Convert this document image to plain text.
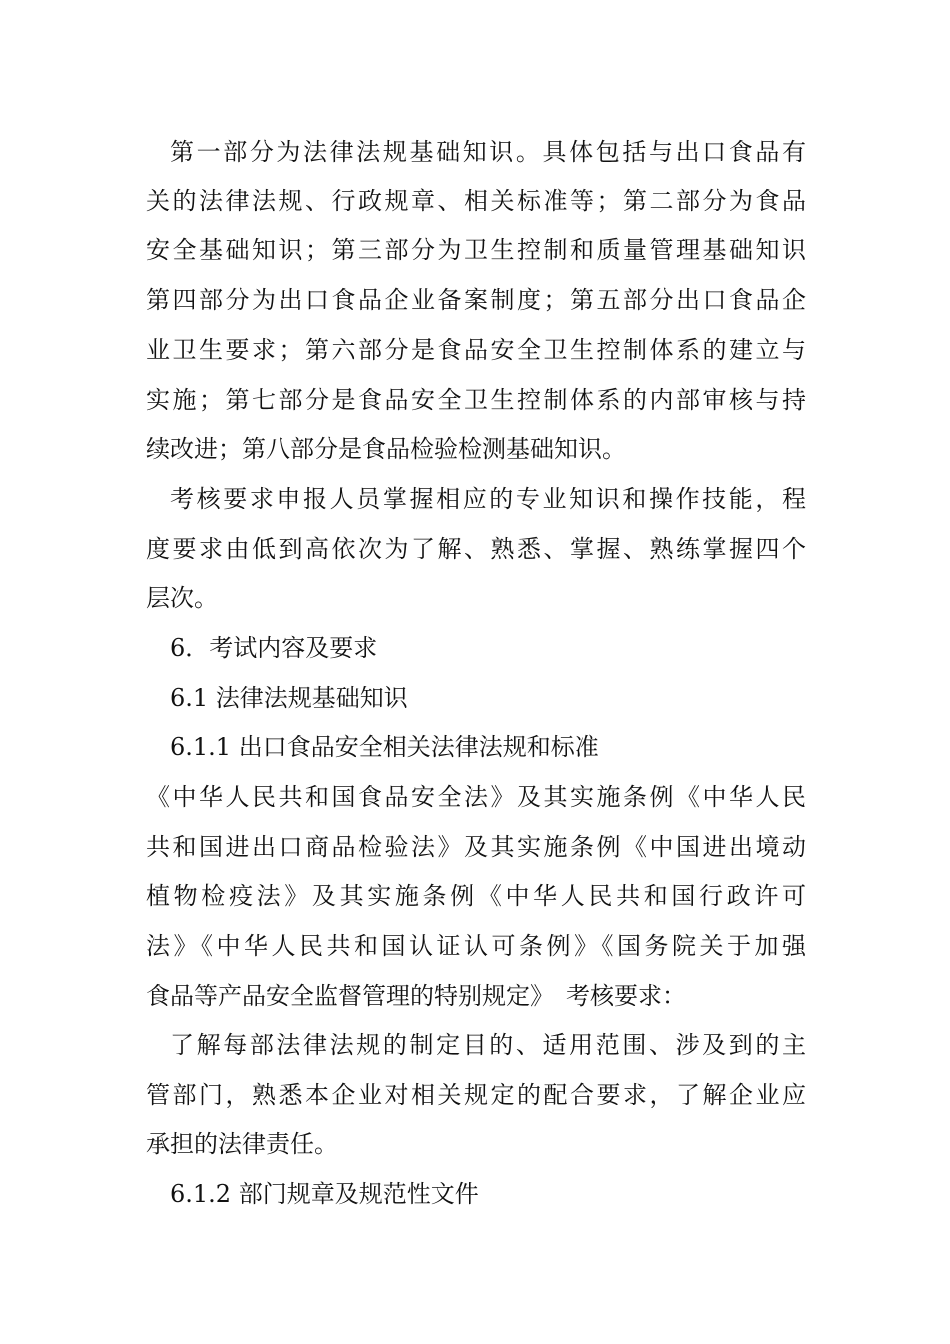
第一部分为法律法规基础知识。具体包括与出口食品有
关的法律法规、行政规章、相关标准等；第二部分为食品
安全基础知识；第三部分为卫生控制和质量管理基础知识
第四部分为出口食品企业备案制度；第五部分出口食品企
业卫生要求；第六部分是食品安全卫生控制体系的建立与
实施；第七部分是食品安全卫生控制体系的内部审核与持
续改进；第八部分是食品检验检测基础知识。
考核要求申报人员掌握相应的专业知识和操作技能，程
度要求由低到高依次为了解、熟悉、掌握、熟练掌握四个
层次。
6．考试内容及要求
6.1 法律法规基础知识
6.1.1 出口食品安全相关法律法规和标准
《中华人民共和国食品安全法》及其实施条例《中华人民
共和国进出口商品检验法》及其实施条例《中国进出境动
植物检疫法》及其实施条例《中华人民共和国行政许可
法》《中华人民共和国认证认可条例》《国务院关于加强
食品等产品安全监督管理的特别规定》　考核要求：
了解每部法律法规的制定目的、适用范围、涉及到的主
管部门，熟悉本企业对相关规定的配合要求，了解企业应
承担的法律责任。
6.1.2 部门规章及规范性文件
